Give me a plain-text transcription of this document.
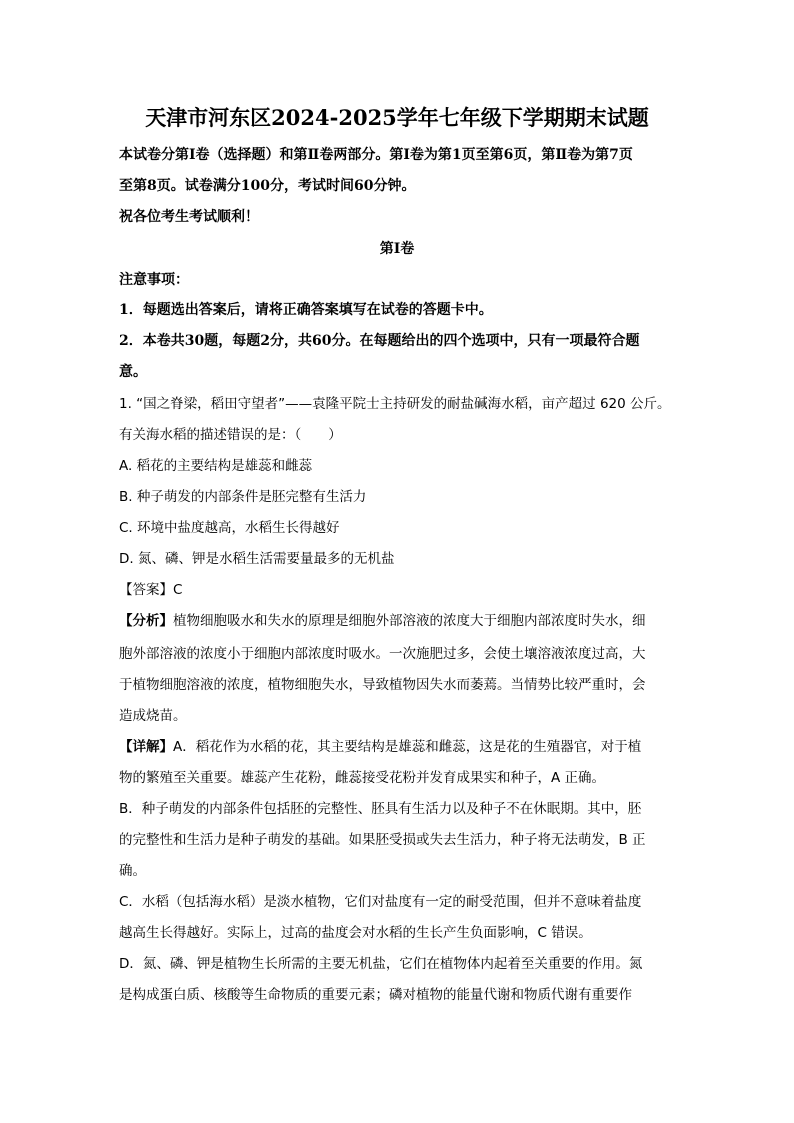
天津市河东区2024-2025学年七年级下学期期末试题
本试卷分第Ⅰ卷（选择题）和第Ⅱ卷两部分。第Ⅰ卷为第1页至第6页，第Ⅱ卷为第7页
至第8页。试卷满分100分，考试时间60分钟。
祝各位考生考试顺利！
第Ⅰ卷
注意事项：
1．每题选出答案后，请将正确答案填写在试卷的答题卡中。
2．本卷共30题，每题2分，共60分。在每题给出的四个选项中，只有一项最符合题
意。
1. “国之脊梁，稻田守望者”——袁隆平院士主持研发的耐盐碱海水稻，亩产超过 620 公斤。
有关海水稻的描述错误的是：（　　）
A. 稻花的主要结构是雄蕊和雌蕊
B. 种子萌发的内部条件是胚完整有生活力
C. 环境中盐度越高，水稻生长得越好
D. 氮、磷、钾是水稻生活需要量最多的无机盐
【答案】C
【分析】植物细胞吸水和失水的原理是细胞外部溶液的浓度大于细胞内部浓度时失水，细
胞外部溶液的浓度小于细胞内部浓度时吸水。一次施肥过多，会使土壤溶液浓度过高，大
于植物细胞溶液的浓度，植物细胞失水，导致植物因失水而萎蔫。当情势比较严重时，会
造成烧苗。
【详解】A．稻花作为水稻的花，其主要结构是雄蕊和雌蕊，这是花的生殖器官，对于植
物的繁殖至关重要。雄蕊产生花粉，雌蕊接受花粉并发育成果实和种子，A 正确。
B．种子萌发的内部条件包括胚的完整性、胚具有生活力以及种子不在休眠期。其中，胚
的完整性和生活力是种子萌发的基础。如果胚受损或失去生活力，种子将无法萌发，B 正
确。
C．水稻（包括海水稻）是淡水植物，它们对盐度有一定的耐受范围，但并不意味着盐度
越高生长得越好。实际上，过高的盐度会对水稻的生长产生负面影响，C 错误。
D．氮、磷、钾是植物生长所需的主要无机盐，它们在植物体内起着至关重要的作用。氮
是构成蛋白质、核酸等生命物质的重要元素；磷对植物的能量代谢和物质代谢有重要作
